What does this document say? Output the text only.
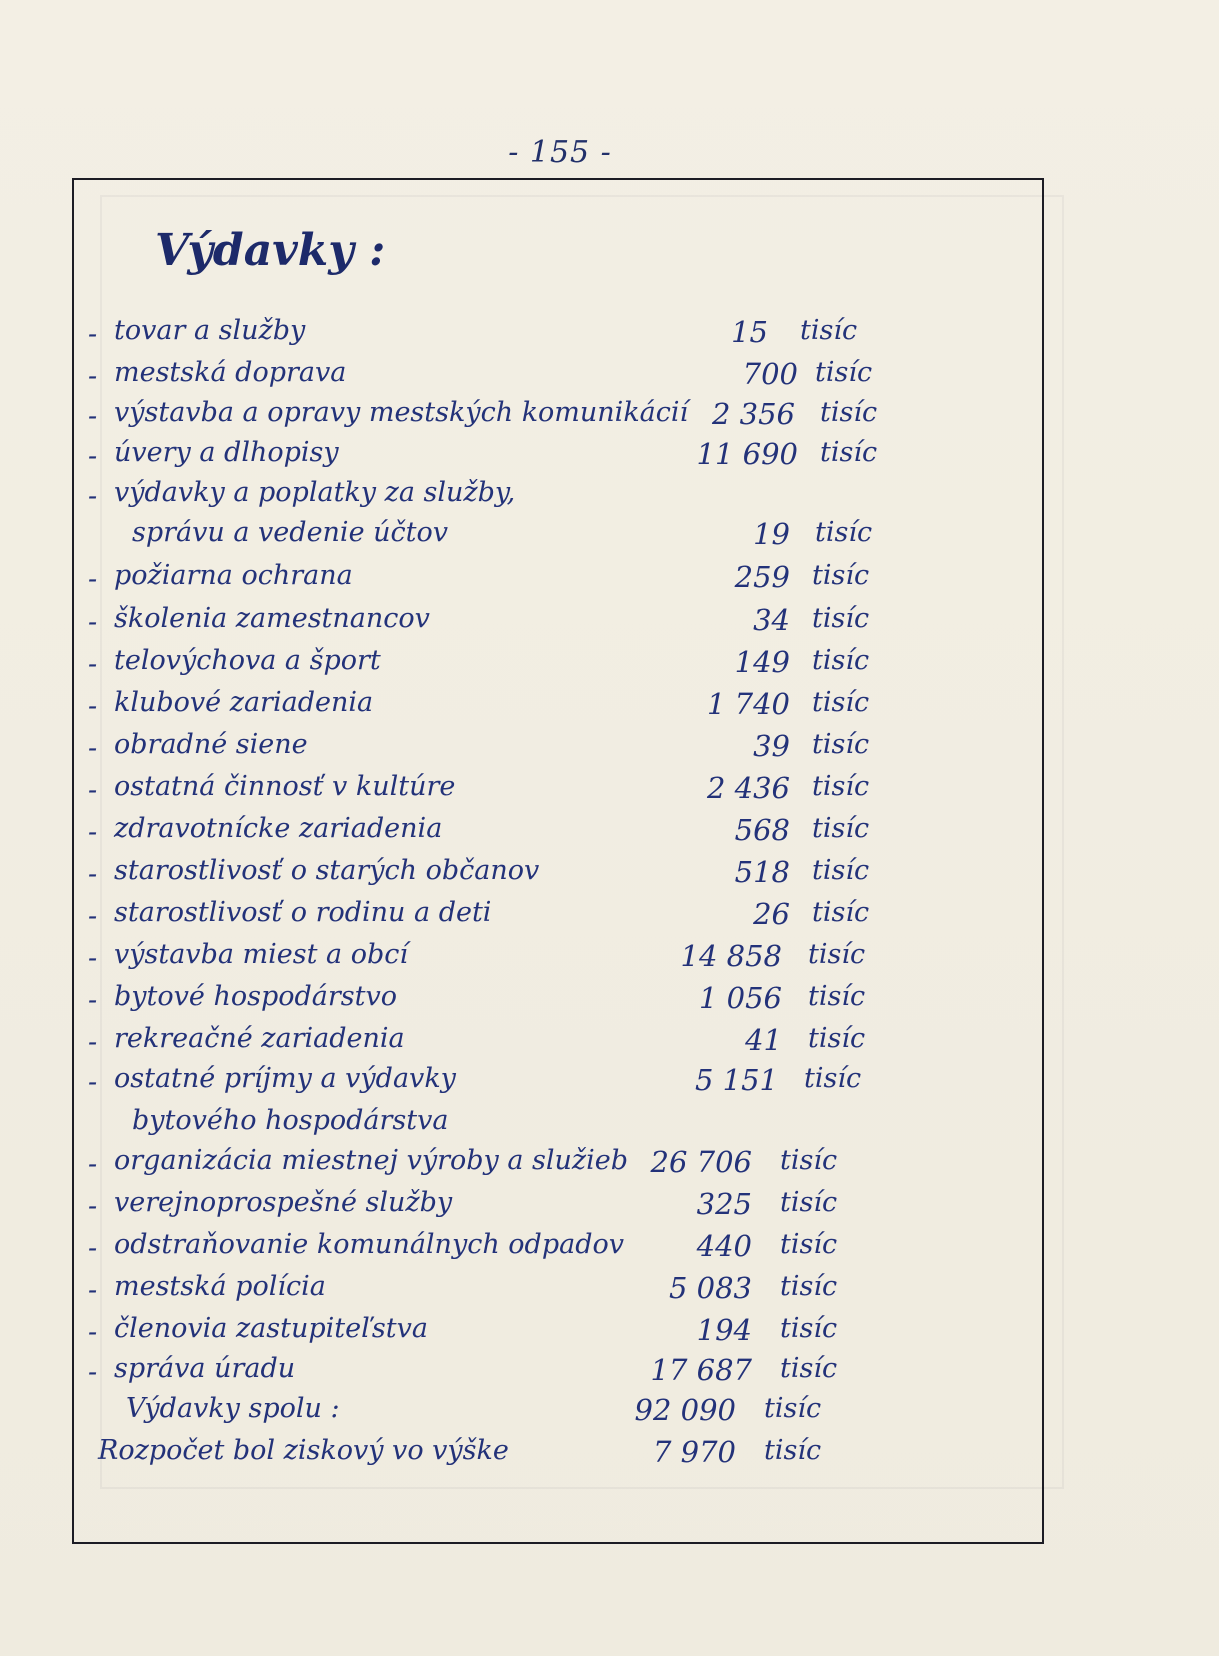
- 155 -
Výdavky :
- tovar a služby	15 tisíc
- mestská doprava	700 tisíc
- výstavba a opravy mestských komunikácií 2 356 tisíc
- úvery a dlhopisy	11 690 tisíc
- výdavky a poplatky za služby,
správu a vedenie účtov	19 tisíc
- požiarna ochrana	259 tisíc
- školenia zamestnancov	34 tisíc
- telovýchova a šport	149 tisíc
- klubové zariadenia	1 740 tisíc
- obradné siene	39 tisíc
- ostatná činnosť v kultúre	2 436 tisíc
- zdravotnícke zariadenia	568 tisíc
- starostlivosť o starých občanov	518 tisíc
- starostlivosť o rodinu a deti	26 tisíc
- výstavba miest a obcí	14 858 tisíc
- bytové hospodárstvo	1 056 tisíc
- rekreačné zariadenia	41 tisíc
- ostatné príjmy a výdavky	5 151 tisíc
bytového hospodárstva
- organizácia miestnej výroby a služieb 26 706 tisíc
- verejnoprospešné služby	325 tisíc
- odstraňovanie komunálnych odpadov	440 tisíc
- mestská polícia	5 083 tisíc
- členovia zastupiteľstva	194 tisíc
- správa úradu	17 687 tisíc
Výdavky spolu :	92 090 tisíc
Rozpočet bol ziskový vo výške	7 970 tisíc
